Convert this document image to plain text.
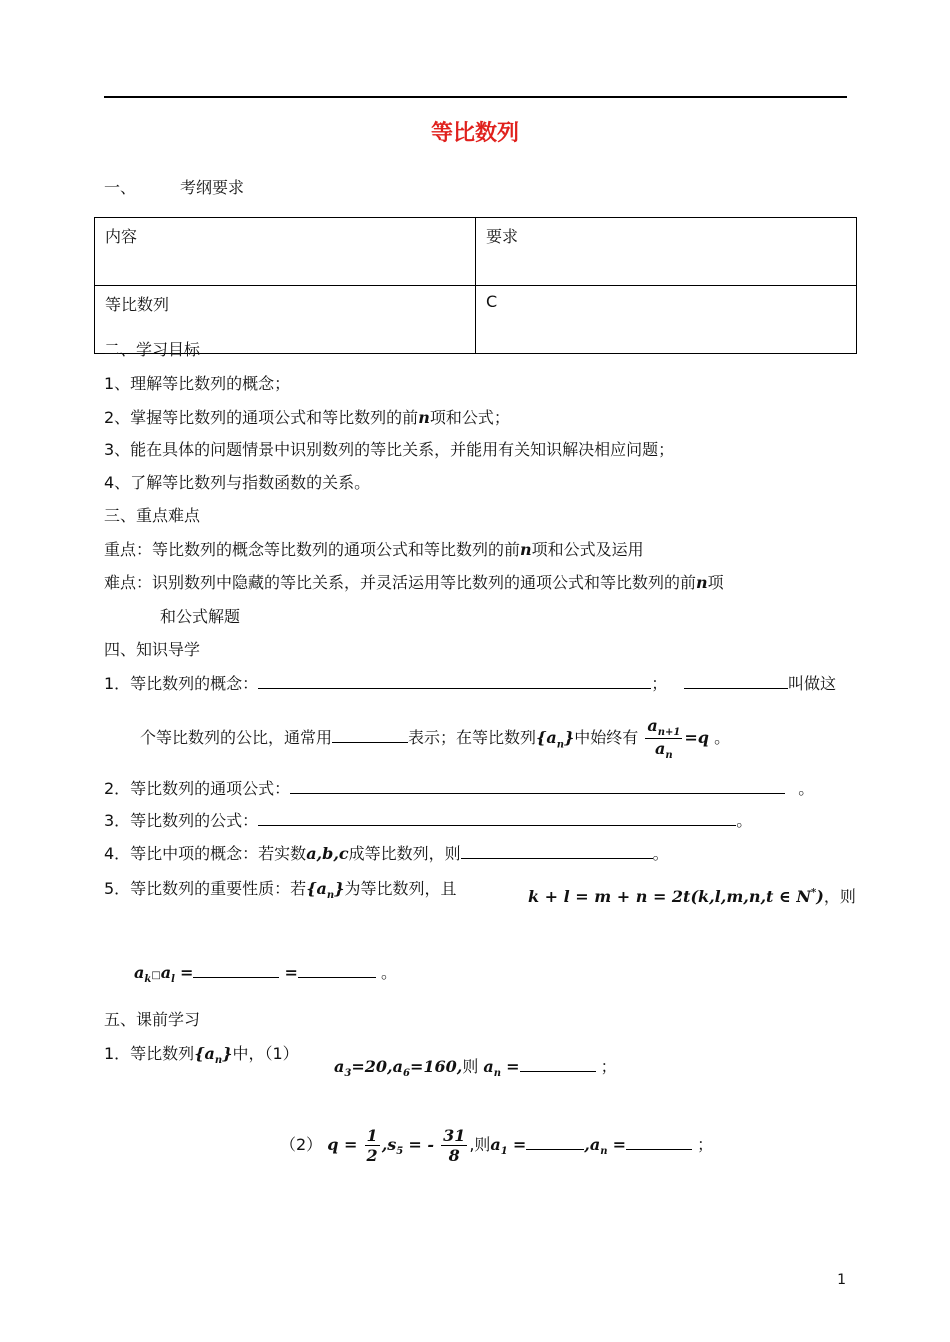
等比数列
一、	考纲要求
内容	要求
等比数列	C
二、学习目标
1、理解等比数列的概念；
2、掌握等比数列的通项公式和等比数列的前n项和公式；
3、能在具体的问题情景中识别数列的等比关系，并能用有关知识解决相应问题；
4、了解等比数列与指数函数的关系。
三、重点难点
重点：等比数列的概念等比数列的通项公式和等比数列的前n项和公式及运用
难点：识别数列中隐藏的等比关系，并灵活运用等比数列的通项公式和等比数列的前n项
和公式解题
四、知识导学
1．等比数列的概念：	；	叫做这
个等比数列的公比，通常用	表示；在等比数列$\{a_n\}$中始终有 $\frac{a_{n+1}}{a_n} =q$ 。
2．等比数列的通项公式：	。
3．等比数列的公式：	。
4．等比中项的概念：若实数a,b,c成等比数列，则	。
5．等比数列的重要性质：若$\{a_n\}$为等比数列，且	k + l = m + n = 2t(k,l,m,n,t ∈ N*)，则
$a_k□a_l$ =	=	。
五、课前学习
1．等比数列$\{a_n\}$中，（1）
$a_3=20,a_6=160$,则 $a_n$ =	；
（2） $q = \frac{1}{2} ,s_5$ = - $\frac{31}{8}$ ,则$a_1$ =	$,a_n$ =	；
1
